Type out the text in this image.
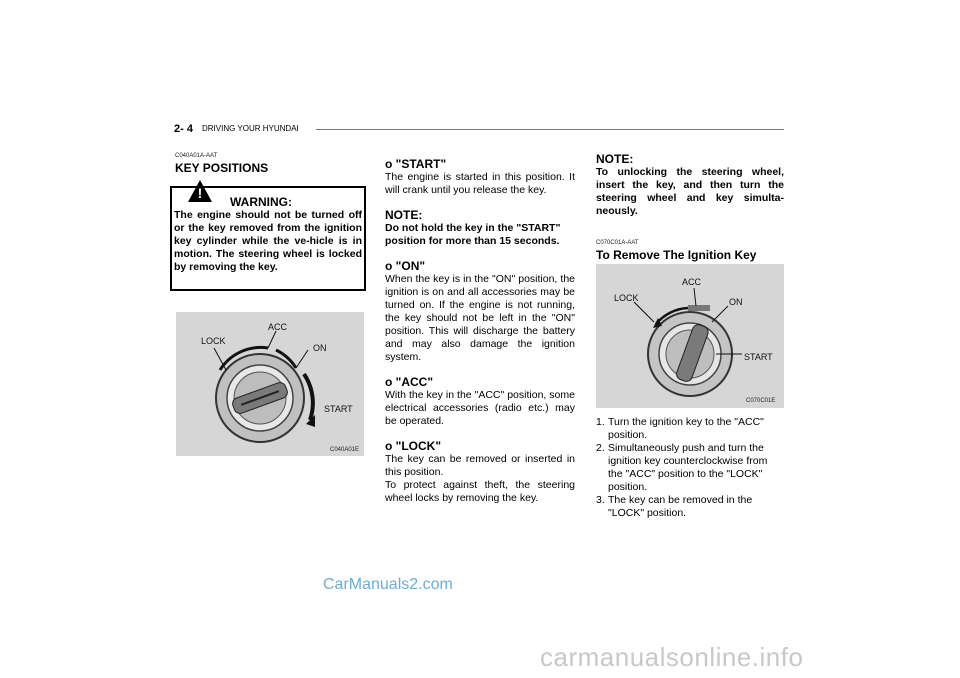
2- 4 DRIVING YOUR HYUNDAI
C040A01A-AAT
KEY POSITIONS
!
WARNING:
The engine should not be turned off or the key removed from the ignition key cylinder while the ve-hicle is in motion. The steering wheel is locked by removing the key.
LOCK
ACC
ON
START
C040A01E
o "START"
The engine is started in this position. It will crank until you release the key.
NOTE:
Do not hold the key in the "START" position for more than 15 seconds.
o "ON"
When the key is in the "ON" position, the ignition is on and all accessories may be turned on. If the engine is not running, the key should not be left in the "ON" position. This will discharge the battery and may also damage the ignition system.
o "ACC"
With the key in the "ACC" position, some electrical accessories (radio etc.) may be operated.
o "LOCK"
The key can be removed or inserted in this position.
To protect against theft, the steering wheel locks by removing the key.
NOTE:
To unlocking the steering wheel, insert the key, and then turn the steering wheel and key simulta-neously.
C070C01A-AAT
To Remove The Ignition Key
ACC
LOCK	ON
START
C070C01E
1. Turn the ignition key to the "ACC" position.
2. Simultaneously push and turn the ignition key counterclockwise from the "ACC" position to the "LOCK" position.
3. The key can be removed in the "LOCK" position.
CarManuals2.com
carmanualsonline.info
